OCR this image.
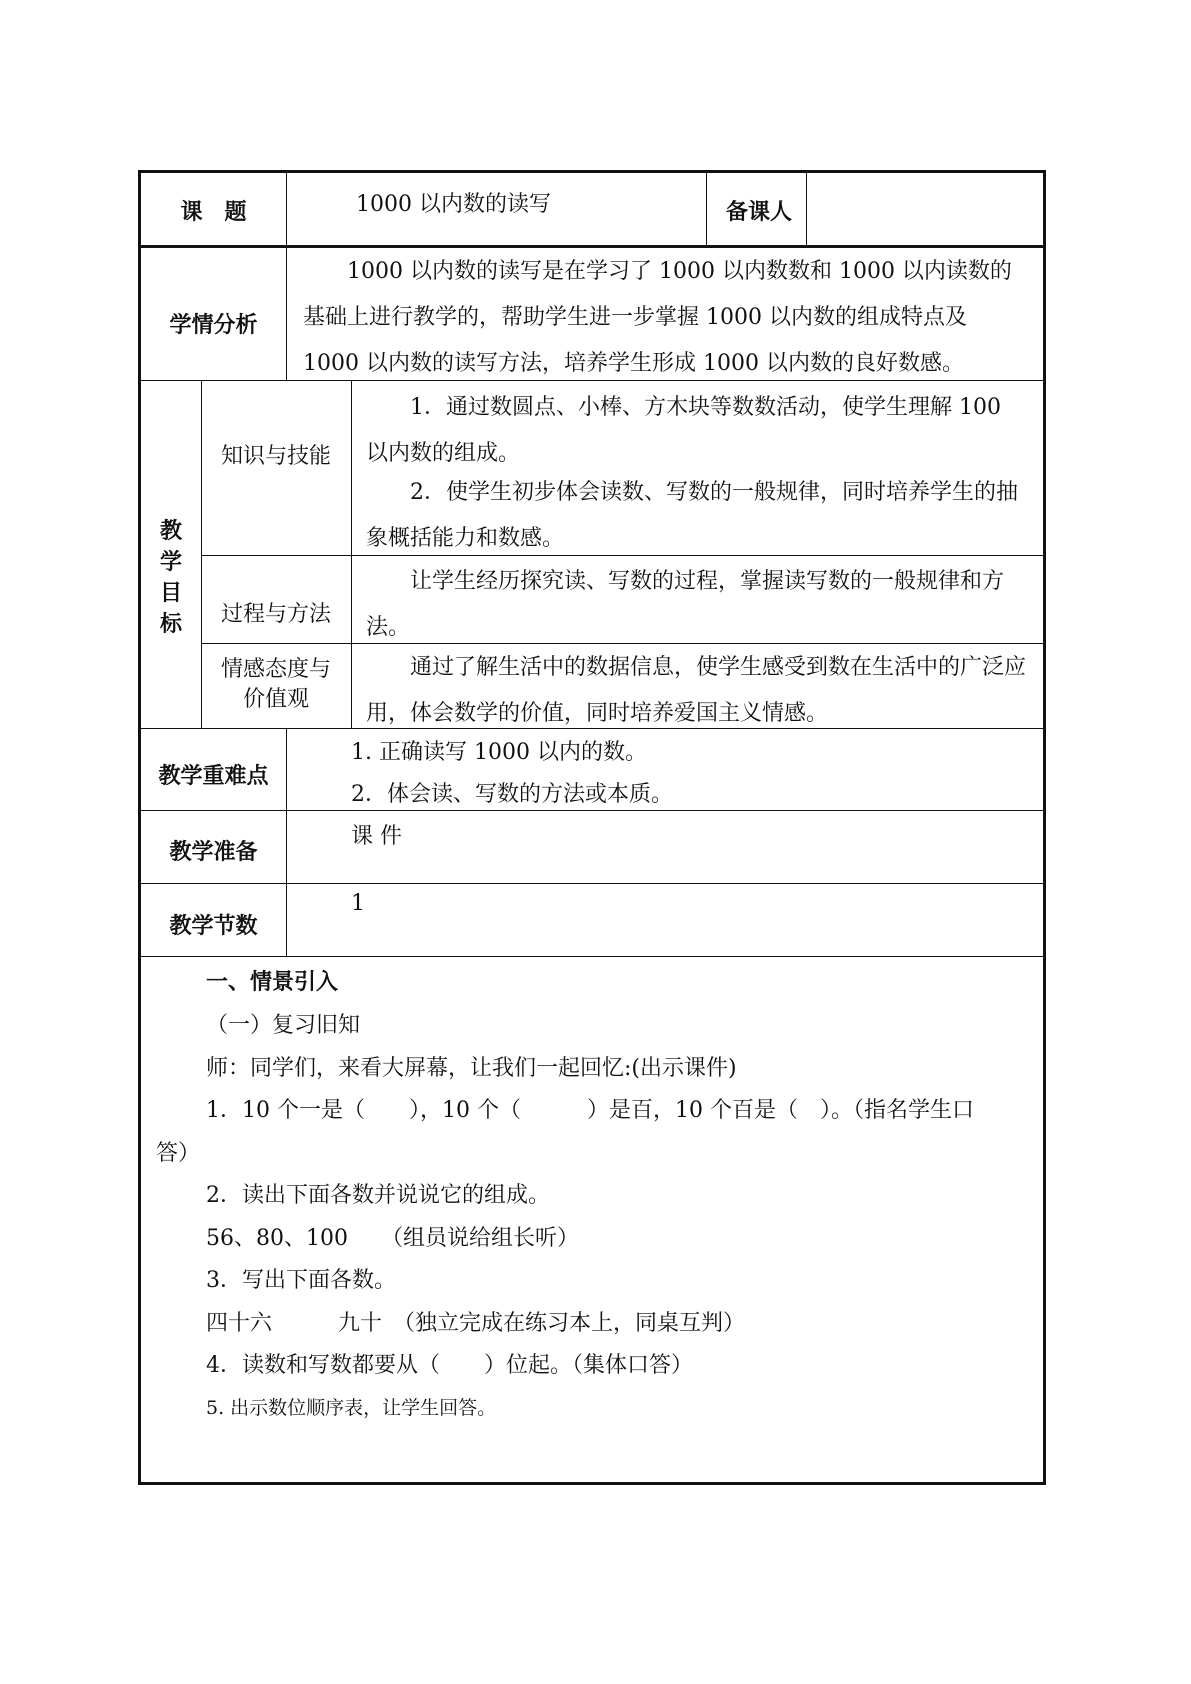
课　题	1000 以内数的读写	备课人
学情分析
1000 以内数的读写是在学习了 1000 以内数数和 1000 以内读数的基础上进行教学的，帮助学生进一步掌握 1000 以内数的组成特点及 1000 以内数的读写方法，培养学生形成 1000 以内数的良好数感。
教
学
目
标
知识与技能
1．通过数圆点、小棒、方木块等数数活动，使学生理解 100 以内数的组成。
2．使学生初步体会读数、写数的一般规律，同时培养学生的抽象概括能力和数感。
过程与方法
让学生经历探究读、写数的过程，掌握读写数的一般规律和方法。
情感态度与
价值观
通过了解生活中的数据信息，使学生感受到数在生活中的广泛应用，体会数学的价值，同时培养爱国主义情感。
教学重难点
1. 正确读写 1000 以内的数。
2．体会读、写数的方法或本质。
教学准备
课 件
教学节数
1
一、情景引入
（一）复习旧知
师：同学们，来看大屏幕，让我们一起回忆:(出示课件)
1．10 个一是（　　），10 个（　　　）是百，10 个百是（　）。（指名学生口
答）
2．读出下面各数并说说它的组成。
56、80、100　　（组员说给组长听）
3．写出下面各数。
四十六　　　九十　（独立完成在练习本上，同桌互判）
4．读数和写数都要从（　　）位起。（集体口答）
5. 出示数位顺序表，让学生回答。
